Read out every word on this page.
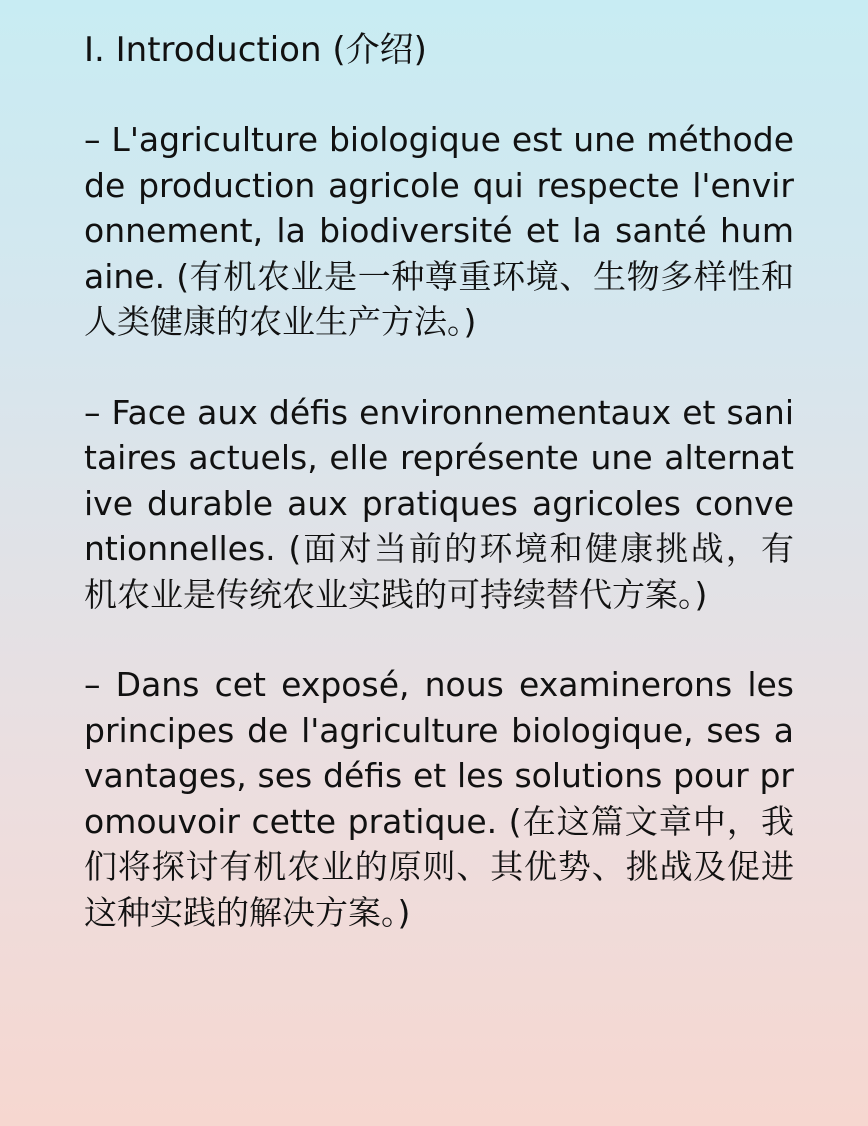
I. Introduction (介绍)
– L'agriculture biologique est une méthode de production agricole qui respecte l'environnement, la biodiversité et la santé humaine. (有机农业是一种尊重环境、生物多样性和人类健康的农业生产方法。)
– Face aux défis environnementaux et sanitaires actuels, elle représente une alternative durable aux pratiques agricoles conventionnelles. (面对当前的环境和健康挑战，有机农业是传统农业实践的可持续替代方案。)
– Dans cet exposé, nous examinerons les principes de l'agriculture biologique, ses avantages, ses défis et les solutions pour promouvoir cette pratique. (在这篇文章中，我们将探讨有机农业的原则、其优势、挑战及促进这种实践的解决方案。)
